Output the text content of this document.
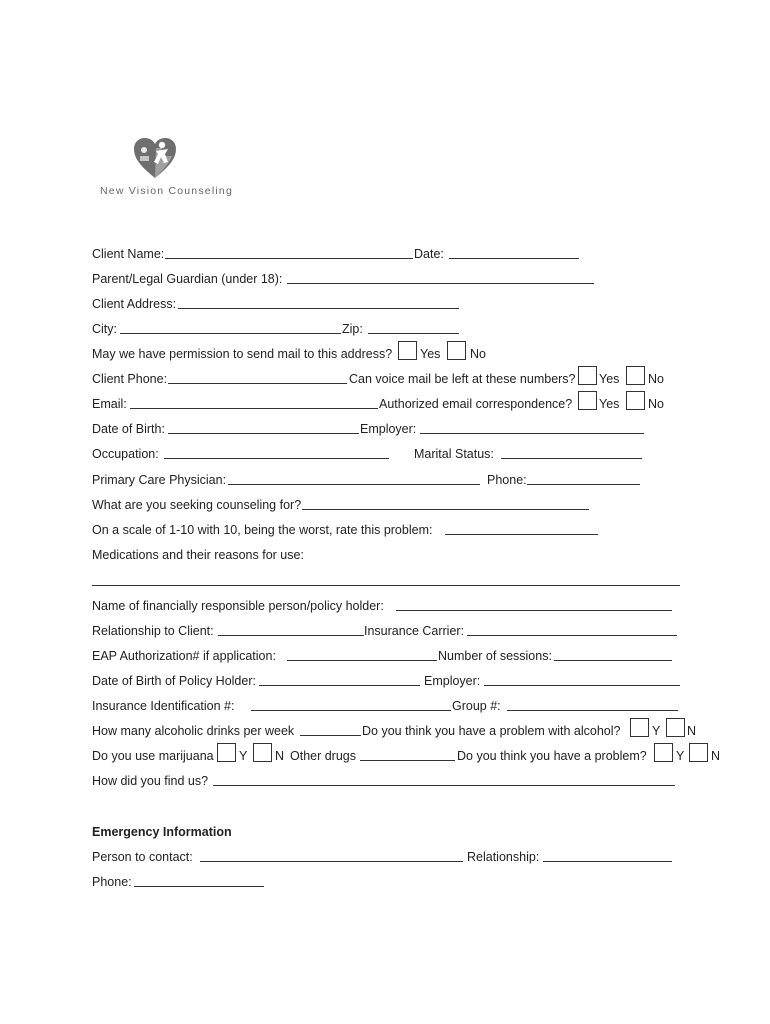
New Vision Counseling
Client Name:	Date:
Parent/Legal Guardian (under 18):
Client Address:
City:	Zip:
May we have permission to send mail to this address? Yes No
Client Phone:	Can voice mail be left at these numbers? Yes No
Email:	Authorized email correspondence? Yes No
Date of Birth:	Employer:
Occupation:	Marital Status:
Primary Care Physician:	Phone:
What are you seeking counseling for?
On a scale of 1-10 with 10, being the worst, rate this problem:
Medications and their reasons for use:
Name of financially responsible person/policy holder:
Relationship to Client:	Insurance Carrier:
EAP Authorization# if application:	Number of sessions:
Date of Birth of Policy Holder:	Employer:
Insurance Identification #:	Group #:
How many alcoholic drinks per week	Do you think you have a problem with alcohol?	Y N
Do you use marijuana Y N Other drugs	Do you think you have a problem? Y N
How did you find us?
Emergency Information
Person to contact:	Relationship:
Phone:
